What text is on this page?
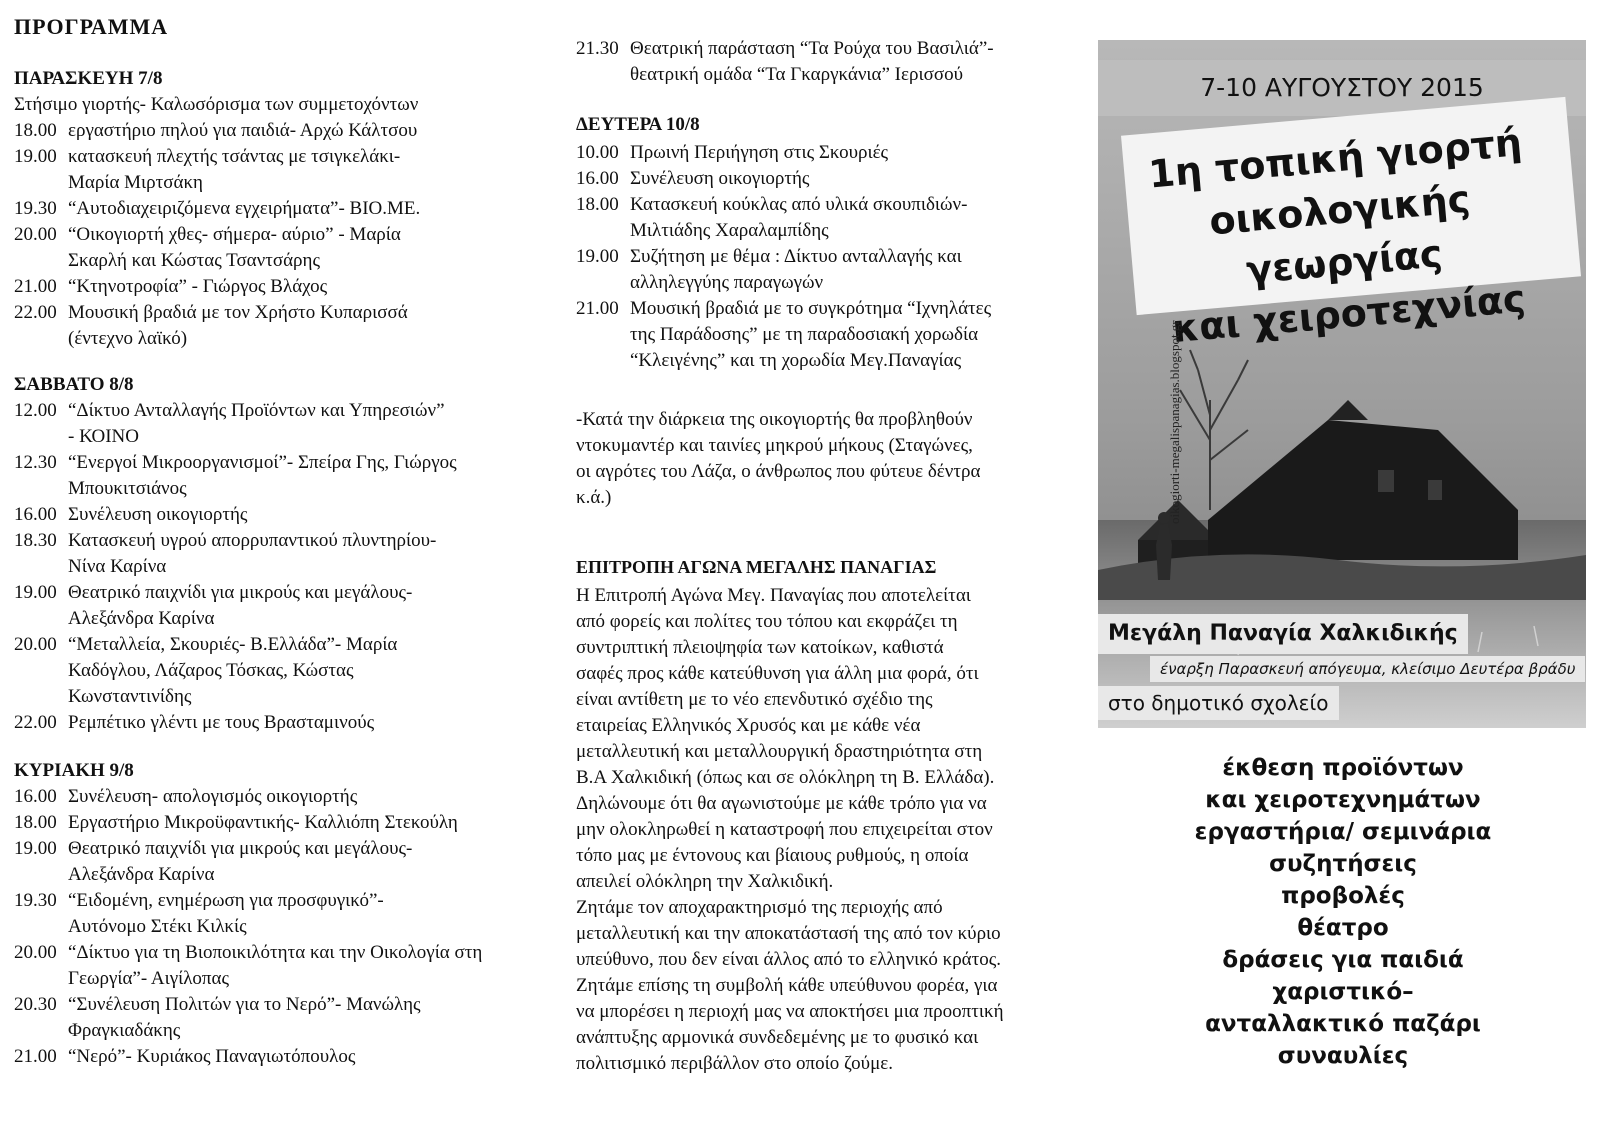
ΠΡΟΓΡΑΜΜΑ
ΠΑΡΑΣΚΕΥΗ 7/8
Στήσιμο γιορτής- Καλωσόρισμα των συμμετοχόντων
18.00 εργαστήριο πηλού για παιδιά- Αρχώ Κάλτσου
19.00 κατασκευή πλεχτής τσάντας με τσιγκελάκι-
Μαρία Μιρτσάκη
19.30 “Αυτοδιαχειριζόμενα εγχειρήματα”- ΒΙΟ.ΜΕ.
20.00 “Οικογιορτή χθες- σήμερα- αύριο” - Μαρία
Σκαρλή και Κώστας Τσαντσάρης
21.00 “Κτηνοτροφία” - Γιώργος Βλάχος
22.00 Μουσική βραδιά με τον Χρήστο Κυπαρισσά
(έντεχνο λαϊκό)
ΣΑΒΒΑΤΟ 8/8
12.00 “Δίκτυο Ανταλλαγής Προϊόντων και Υπηρεσιών”
- ΚΟΙΝΟ
12.30 “Ενεργοί Μικροοργανισμοί”- Σπείρα Γης, Γιώργος
Μπουκιτσιάνος
16.00 Συνέλευση οικογιορτής
18.30 Κατασκευή υγρού απορρυπαντικού πλυντηρίου-
Νίνα Καρίνα
19.00 Θεατρικό παιχνίδι για μικρούς και μεγάλους-
Αλεξάνδρα Καρίνα
20.00 “Μεταλλεία, Σκουριές- Β.Ελλάδα”- Μαρία
Καδόγλου, Λάζαρος Τόσκας, Κώστας
Κωνσταντινίδης
22.00 Ρεμπέτικο γλέντι με τους Βρασταμινούς
ΚΥΡΙΑΚΗ 9/8
16.00 Συνέλευση- απολογισμός οικογιορτής
18.00 Εργαστήριο Μικροϋφαντικής- Καλλιόπη Στεκούλη
19.00 Θεατρικό παιχνίδι για μικρούς και μεγάλους-
Αλεξάνδρα Καρίνα
19.30 “Ειδομένη, ενημέρωση για προσφυγικό”-
Αυτόνομο Στέκι Κιλκίς
20.00 “Δίκτυο για τη Βιοποικιλότητα και την Οικολογία στη
Γεωργία”- Αιγίλοπας
20.30 “Συνέλευση Πολιτών για το Νερό”- Μανώλης
Φραγκιαδάκης
21.00 “Νερό”- Κυριάκος Παναγιωτόπουλος
21.30 Θεατρική παράσταση “Τα Ρούχα του Βασιλιά”-
θεατρική ομάδα “Τα Γκαργκάνια” Ιερισσού
ΔΕΥΤΕΡΑ 10/8
10.00 Πρωινή Περιήγηση στις Σκουριές
16.00 Συνέλευση οικογιορτής
18.00 Κατασκευή κούκλας από υλικά σκουπιδιών-
Μιλτιάδης Χαραλαμπίδης
19.00 Συζήτηση με θέμα : Δίκτυο ανταλλαγής και
αλληλεγγύης παραγωγών
21.00 Μουσική βραδιά με το συγκρότημα “Ιχνηλάτες
της Παράδοσης” με τη παραδοσιακή χορωδία
“Κλειγένης” και τη χορωδία Μεγ.Παναγίας
-Κατά την διάρκεια της οικογιορτής θα προβληθούν
ντοκυμαντέρ και ταινίες μηκρού μήκους (Σταγώνες,
οι αγρότες του Λάζα, ο άνθρωπος που φύτευε δέντρα
κ.ά.)
ΕΠΙΤΡΟΠΗ ΑΓΩΝΑ ΜΕΓΑΛΗΣ ΠΑΝΑΓΙΑΣ
Η Επιτροπή Αγώνα Μεγ. Παναγίας που αποτελείται
από φορείς και πολίτες του τόπου και εκφράζει τη
συντριπτική πλειοψηφία των κατοίκων, καθιστά
σαφές προς κάθε κατεύθυνση για άλλη μια φορά, ότι
είναι αντίθετη με το νέο επενδυτικό σχέδιο της
εταιρείας Ελληνικός Χρυσός και με κάθε νέα
μεταλλευτική και μεταλλουργική δραστηριότητα στη
Β.Α Χαλκιδική (όπως και σε ολόκληρη τη Β. Ελλάδα).
Δηλώνουμε ότι θα αγωνιστούμε με κάθε τρόπο για να
μην ολοκληρωθεί η καταστροφή που επιχειρείται στον
τόπο μας με έντονους και βίαιους ρυθμούς, η οποία
απειλεί ολόκληρη την Χαλκιδική.
Ζητάμε τον αποχαρακτηρισμό της περιοχής από
μεταλλευτική και την αποκατάστασή της από τον κύριο
υπεύθυνο, που δεν είναι άλλος από το ελληνικό κράτος.
Ζητάμε επίσης τη συμβολή κάθε υπεύθυνου φορέα, για
να μπορέσει η περιοχή μας να αποκτήσει μια προοπτική
ανάπτυξης αρμονικά συνδεδεμένης με το φυσικό και
πολιτισμικό περιβάλλον στο οποίο ζούμε.
7-10 ΑΥΓΟΥΣΤΟΥ 2015
1η τοπική γιορτή
οικολογικής γεωργίας
και χειροτεχνίας
oikogiorti-megalispanagias.blogspot.gr
Μεγάλη Παναγία Χαλκιδικής
έναρξη Παρασκευή απόγευμα, κλείσιμο Δευτέρα βράδυ
στο δημοτικό σχολείο
έκθεση προϊόντων
και χειροτεχνημάτων
εργαστήρια/ σεμινάρια
συζητήσεις
προβολές
θέατρο
δράσεις για παιδιά
χαριστικό–
ανταλλακτικό παζάρι
συναυλίες
